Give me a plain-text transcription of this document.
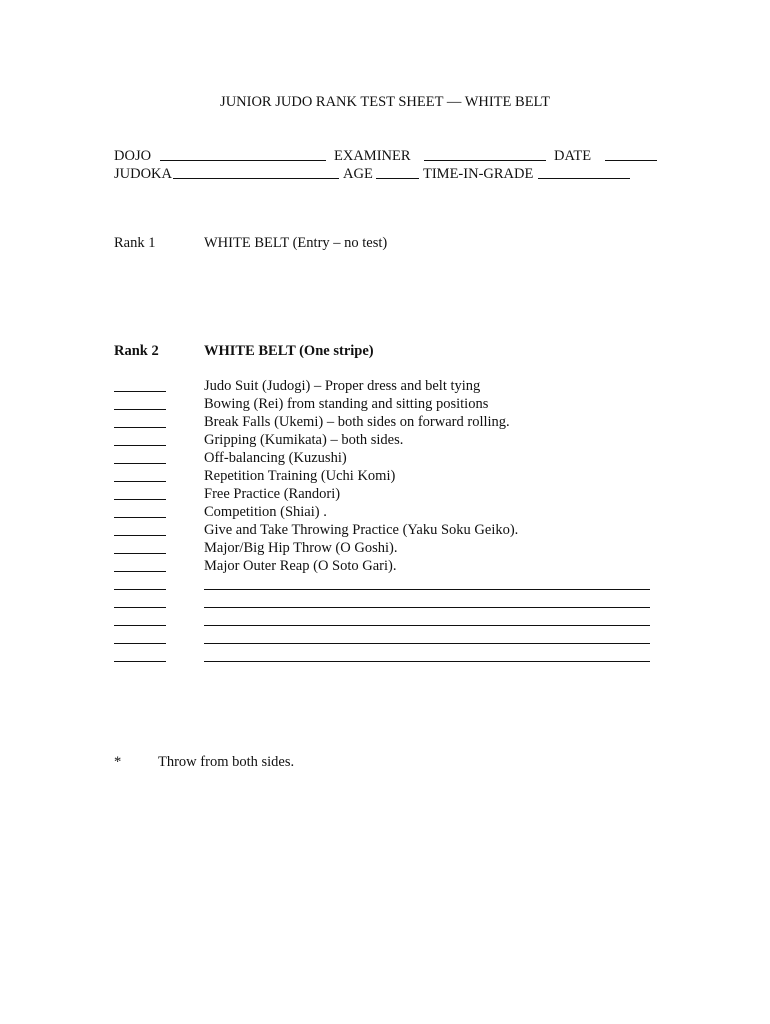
JUNIOR JUDO RANK TEST SHEET — WHITE BELT
DOJO	EXAMINER	DATE
JUDOKA	AGE	TIME-IN-GRADE
Rank 1	WHITE BELT (Entry – no test)
Rank 2	WHITE BELT (One stripe)
Judo Suit (Judogi) – Proper dress and belt tying
Bowing (Rei) from standing and sitting positions
Break Falls (Ukemi) – both sides on forward rolling.
Gripping (Kumikata) – both sides.
Off-balancing (Kuzushi)
Repetition Training (Uchi Komi)
Free Practice (Randori)
Competition (Shiai) .
Give and Take Throwing Practice (Yaku Soku Geiko).
Major/Big Hip Throw (O Goshi).
Major Outer Reap (O Soto Gari).
*	Throw from both sides.
